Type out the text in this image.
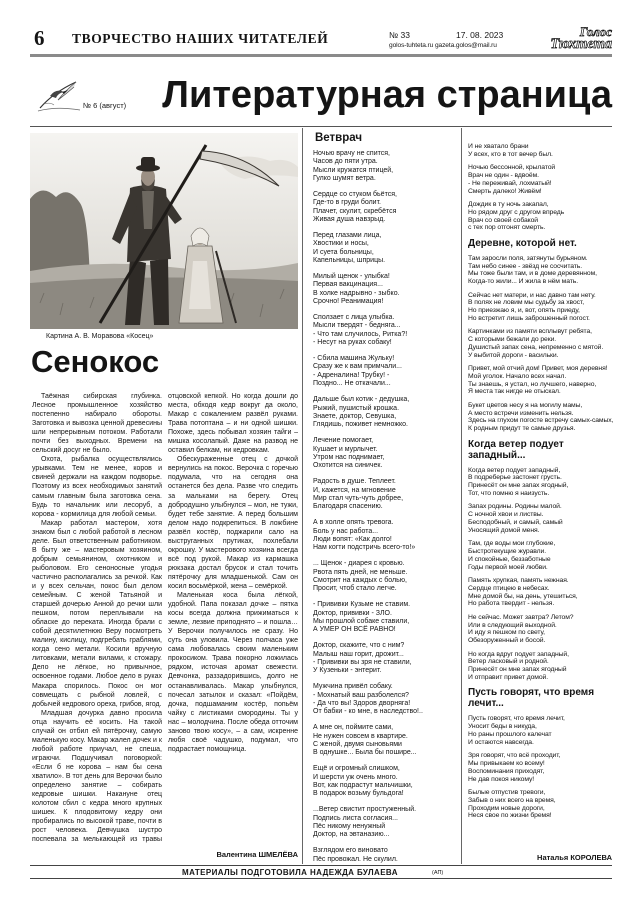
6 ТВОРЧЕСТВО НАШИХ ЧИТАТЕЛЕЙ	№ 33	17. 08. 2023
golos-tuhteta.ru gazeta.golos@mail.ru
Голос
Тюхтета
№ 6 (август) Литературная страница
Картина А. В. Моравова «Косец»
Сенокос

Таёжная сибирская глубинка. Лесное промышленное хозяйство постепенно набирало обороты. Заготовка и вывозка ценной древесины шли непрерывным потоком. Работали почти без выходных. Времени на сельский досуг не было.

Охота, рыбалка осуществлялись урывками. Тем не менее, коров и свиней держали на каждом подворье. Поэтому из всех необходимых занятий самым главным была заготовка сена. Будь то начальник или лесоруб, а корова - кормилица для любой семьи.

Макар работал мастером, хотя знаком был с любой работой в лесном деле. Был ответственным работником. В быту же – мастеровым хозяином, добрым семьянином, охотником и рыболовом. Его сеноносные угодья частично располагались за речкой. Как и у всех сельчан, покос был делом семейным. С женой Татьяной и старшей дочерью Анной до речки шли пешком, потом переплывали на обласке до переката. Иногда брали с собой десятилетнюю Веру посмотреть малину, кислицу, подгребать граблями, когда сено метали. Косили вручную литовками, метали вилами, к стожару. Дело не лёгкое, но привычное, освоенное годами. Любое дело в руках Макара спорилось. Покос он мог совмещать с рыбной ловлей, с добычей кедрового ореха, грибов, ягод.

Младшая дочурка давно просила отца научить её косить. На такой случай он отбил ей пятёрочку, самую маленькую косу. Макар жалел дочек и к любой работе приучал, не спеша, играючи. Подшучивал поговоркой: «Если б не корова – нам бы сена хватило». В тот день для Верочки было определено занятие – собирать кедровые шишки. Накануне отец колотом сбил с кедра много крупных шишек. К плодовитому кедру они пробирались по высокой траве, почти в рост человека. Девчушка шустро поспевала за мелькающей из травы отцовской кепкой. Но когда дошли до места, обходя кедр вокруг да около, Макар с сожалением развёл руками. Трава потоптана – и ни одной шишки. Похоже, здесь побывал хозяин тайги – мишка косолапый. Даже на развод не оставил белкам, ни кедровкам.

Обескураженные отец с дочкой вернулись на покос. Верочка с горечью подумала, что на сегодня она останется без дела. Разве что следить за мальками на берегу. Отец добродушно улыбнулся – мол, не тужи, будет тебе занятие. А перед большим делом надо подкрепиться. В ложбине развёл костёр, поджарили сало на выструганных прутиках, похлебали окрошку. У мастерового хозяина всегда всё под рукой. Макар из кармашка рюкзака достал брусок и стал точить пятёрочку для младшенькой. Сам он косил восьмёркой, жена – семёркой.

Маленькая коса была лёгкой, удобной. Папа показал дочке – пятка косы всегда должна прижиматься к земле, лезвие приподнято – и пошла… У Верочки получилось не сразу. Но суть она уловила. Через полчаса уже сама любовалась своим маленьким прокосиком. Трава покорно ложилась рядком, источая аромат свежести. Девчонка, раззадорившись, долго не останавливалась. Макар улыбнулся, почесал затылок и сказал: «Пойдём, дочка, подшаманим костёр, попьём чайку с листиками смородины. Ты у нас – молодчина. После обеда отточим заново твою косу», – а сам, искренне любя своё чадушко, подумал, что подрастает помощница.

Валентина ШМЕЛЁВА
Ветврач

Ночью врачу не спится,
Часов до пяти утра.
Мысли кружатся птицей,
Гулко шумят ветра.

Сердце со стуком бьётся,
Где-то в груди болит.
Плачет, скулит, скребётся
Живая душа навзрыд.

Перед глазами лица,
Хвостики и носы,
И суета больницы,
Капельницы, шприцы.

Милый щенок - улыбка!
Первая вакцинация...
В холке надрывно - зыбко.
Срочно! Реанимация!

Сползает с лица улыбка.
Мысли твердят - бедняга...
- Что там случилось, Ритка?!
- Несут на руках собаку!

- Сбила машина Жульку!
Сразу же к вам примчали...
- Адреналина! Трубку! -
Поздно... Не откачали...

Дальше был котик - дедушка,
Рыжий, пушистый крошка.
Знаете, доктор, Севушка,
Глядишь, поживет немножко.

Лечение помогает,
Кушает и мурлычет.
Утром нас поднимает,
Охотится на синичек.

Радость в душе. Теплеет.
И, кажется, на мгновение
Мир стал чуть-чуть добрее,
Благодаря спасению.

А в холле опять тревога.
Боль у нас работа...
Люди вопят: «Как долго!
Нам когти подстричь всего-то!»

... Щенок - диарея с кровью.
Рвота пять дней, не меньше.
Смотрит на каждых с болью,
Просит, чтоб стало легче.

- Прививки Кузьме не ставим.
Доктор, прививки - ЗЛО.
Мы прошлой собаке ставили,
А УМЕР ОН ВСЁ РАВНО!

Доктор, скажите, что с ним?
Малыш наш горит, дрожит...
- Прививки вы зря не ставили,
У Кузеньки - энтерит.

Мужчина привёл собаку.
- Мохнатый ваш разболелся?
- Да что вы! Здоров дворняга!
От бабки - ко мне, в наследство!..

А мне он, поймите сами,
Не нужен совсем в квартире.
С женой, двумя сыновьями
В однушке... Была бы пошире...

Ещё и огромный слишком,
И шерсти уж очень много.
Вот, как подрастут мальчишки,
В подарок возьму бульдога!

...Ветер свистит простуженный.
Подпись листа согласия...
Пёс никому ненужный
Доктор, на эвтаназию...

Взглядом его виновато
Пёс провожал. Не скулил.

И не хватало брани
У всех, кто в тот вечер был.

Ночью бессонной, крылатой
Врач не один - вдвоём.
- Не переживай, лохматый!
Смерть далеко! Живём!

Дождик в ту ночь закапал,
Но рядом друг с другом впредь
Врач со своей собакой
с тех пор отгонят смерть.

Деревне, которой нет.

Там заросли поля, затянуты бурьяном.
Там небо синее - звёзд не сосчитать.
Мы тоже были там, и в доме деревянном,
Когда-то жили... И жила в нём мать.

Сейчас нет матери, и нас давно там нету.
В полях не ловим мы судьбу за хвост,
Но приезжаю я, и, вот, опять приеду,
Но встретит лишь заброшенный погост.

Картинками из памяти всплывут ребята,
С которыми бежали до реки.
Душистый запах сена, непременно с мятой.
У выбитой дороги - васильки.

Привет, мой отчий дом! Привет, моя деревня!
Мой уголок. Начало всех начал.
Ты знаешь, я устал, но лучшего, наверно,
Я места так нигде не отыскал.

Букет цветов несу я на могилу мамы,
А место встречи изменить нельзя.
Здесь на глухом погосте встречу самых-самых,
К родным придут те самые друзья.

Когда ветер подует западный...

Когда ветер подует западный,
В подреберье застонет грусть.
Принесёт он мне запах ягодный,
Тот, что помню я наизусть.

Запах родины. Родины малой.
С ночной хвои и листвы.
Бесподобный, и самый, самый
Уносящий домой меня.

Там, где воды мои глубокие,
Быстротекущие журавли.
И спокойные, беззаботные
Годы первой моей любви.

Память хрупкая, память нежная.
Сердце птицею в небесах.
Мне домой бы, на день, утешиться,
Но работа твердит - нельзя.

Не сейчас. Может завтра? Летом?
Или в следующий выходной.
И иду я пешком по свету,
Обезоруженный и босой.

Но когда вдруг подует западный,
Ветер ласковый и родной.
Принесёт он мне запах ягодный
И отправит привет домой.

Пусть говорят, что время лечит...

Пусть говорят, что время лечит,
Уносит беды в никуда,
Но раны прошлого калечат
И остаются навсегда.

Зря говорят, что всё проходит,
Мы привыкаем ко всему!
Воспоминания приходят,
Не дав покоя никому!

Былые отпустив тревоги,
Забыв о них всего на время,
Проходим новые дороги,
Неся свое по жизни бремя!

Наталья КОРОЛЕВА
МАТЕРИАЛЫ ПОДГОТОВИЛА НАДЕЖДА БУЛАЕВА	(АП)
